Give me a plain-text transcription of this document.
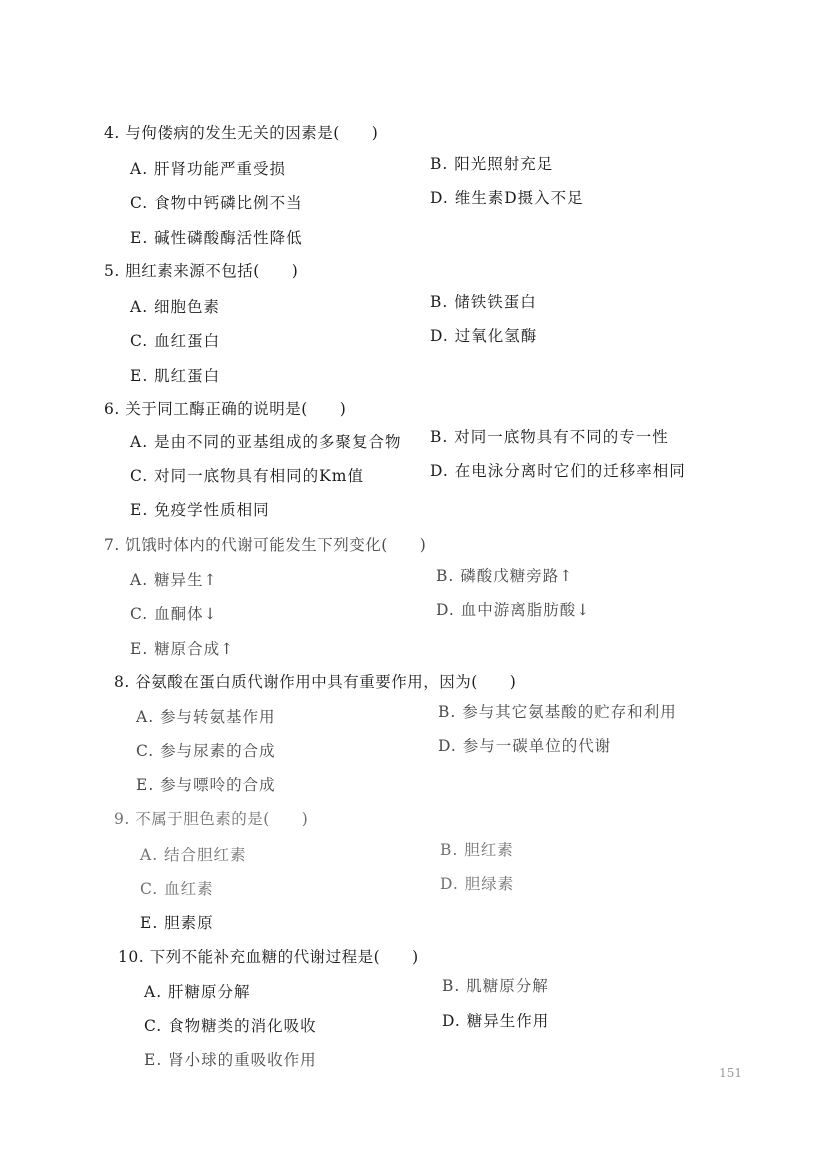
4. 与佝偻病的发生无关的因素是(　　)
A. 肝肾功能严重受损	B. 阳光照射充足
C. 食物中钙磷比例不当	D. 维生素D摄入不足
E. 碱性磷酸酶活性降低
5. 胆红素来源不包括(　　)
A. 细胞色素	B. 储铁铁蛋白
C. 血红蛋白	D. 过氧化氢酶
E. 肌红蛋白
6. 关于同工酶正确的说明是(　　)
A. 是由不同的亚基组成的多聚复合物 B. 对同一底物具有不同的专一性
C. 对同一底物具有相同的Km值	D. 在电泳分离时它们的迁移率相同
E. 免疫学性质相同
7. 饥饿时体内的代谢可能发生下列变化(　　)
A. 糖异生↑	B. 磷酸戊糖旁路↑
C. 血酮体↓	D. 血中游离脂肪酸↓
E. 糖原合成↑
8. 谷氨酸在蛋白质代谢作用中具有重要作用，因为(　　)
A. 参与转氨基作用	B. 参与其它氨基酸的贮存和利用
C. 参与尿素的合成	D. 参与一碳单位的代谢
E. 参与嘌呤的合成
9. 不属于胆色素的是(　　)
A. 结合胆红素	B. 胆红素
C. 血红素	D. 胆绿素
E. 胆素原
10. 下列不能补充血糖的代谢过程是(　　)
A. 肝糖原分解	B. 肌糖原分解
C. 食物糖类的消化吸收	D. 糖异生作用
E. 肾小球的重吸收作用
151
